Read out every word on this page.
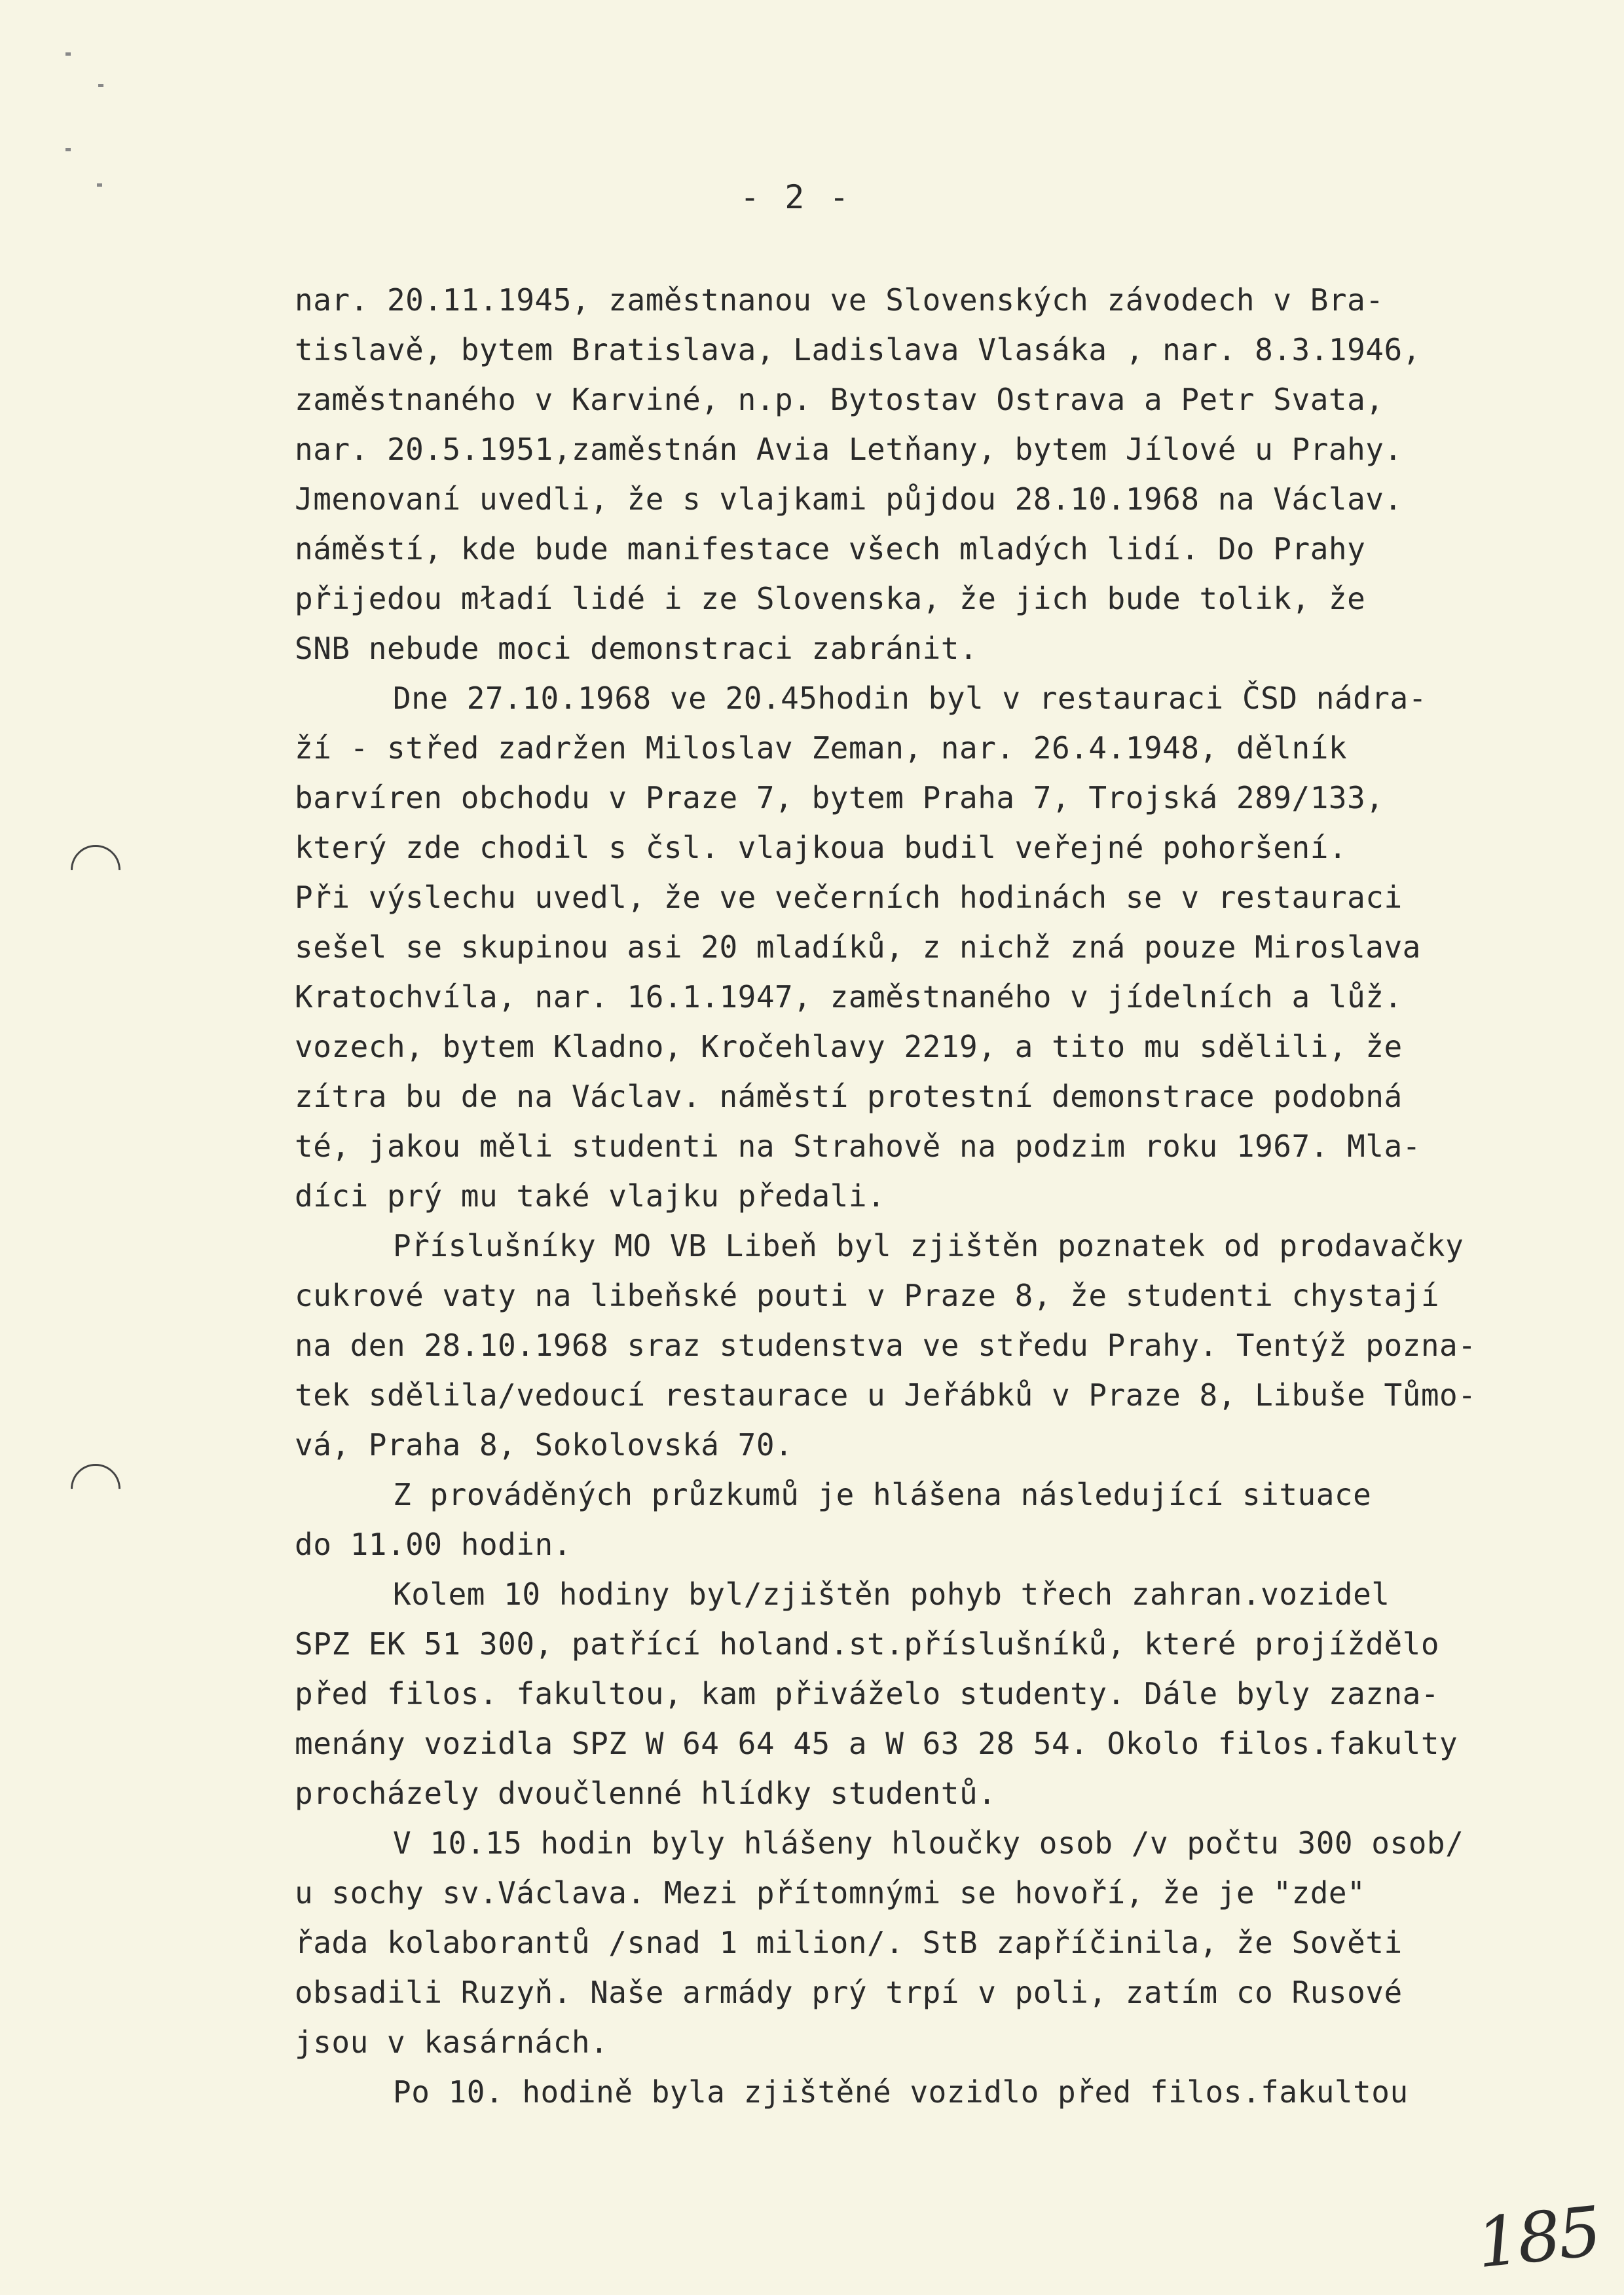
- 2 -
nar. 20.11.1945, zaměstnanou ve Slovenských závodech v Bra-
tislavě, bytem Bratislava, Ladislava Vlasáka , nar. 8.3.1946,
zaměstnaného v Karviné, n.p. Bytostav Ostrava a Petr Svata,
nar. 20.5.1951,zaměstnán Avia Letňany, bytem Jílové u Prahy.
Jmenovaní uvedli, že s vlajkami půjdou 28.10.1968 na Václav.
náměstí, kde bude manifestace všech mladých lidí. Do Prahy
přijedou mładí lidé i ze Slovenska, že jich bude tolik, že
SNB nebude moci demonstraci zabránit.
Dne 27.10.1968 ve 20.45hodin byl v restauraci ČSD nádra-
ží - střed zadržen Miloslav Zeman, nar. 26.4.1948, dělník
barvíren obchodu v Praze 7, bytem Praha 7, Trojská 289/133,
který zde chodil s čsl. vlajkoua budil veřejné pohoršení.
Při výslechu uvedl, že ve večerních hodinách se v restauraci
sešel se skupinou asi 20 mladíků, z nichž zná pouze Miroslava
Kratochvíla, nar. 16.1.1947, zaměstnaného v jídelních a lůž.
vozech, bytem Kladno, Kročehlavy 2219, a tito mu sdělili, že
zítra bu de na Václav. náměstí protestní demonstrace podobná
té, jakou měli studenti na Strahově na podzim roku 1967. Mla-
díci prý mu také vlajku předali.
Příslušníky MO VB Libeň byl zjištěn poznatek od prodavačky
cukrové vaty na libeňské pouti v Praze 8, že studenti chystají
na den 28.10.1968 sraz studenstva ve středu Prahy. Tentýž pozna-
tek sdělila/vedoucí restaurace u Jeřábků v Praze 8, Libuše Tůmo-
vá, Praha 8, Sokolovská 70.
Z prováděných průzkumů je hlášena následující situace
do 11.00 hodin.
Kolem 10 hodiny byl/zjištěn pohyb třech zahran.vozidel
SPZ EK 51 300, patřící holand.st.příslušníků, které projíždělo
před filos. fakultou, kam přiváželo studenty. Dále byly zazna-
menány vozidla SPZ W 64 64 45 a W 63 28 54. Okolo filos.fakulty
procházely dvoučlenné hlídky studentů.
V 10.15 hodin byly hlášeny hloučky osob /v počtu 300 osob/
u sochy sv.Václava. Mezi přítomnými se hovoří, že je "zde"
řada kolaborantů /snad 1 milion/. StB zapříčinila, že Sověti
obsadili Ruzyň. Naše armády prý trpí v poli, zatím co Rusové
jsou v kasárnách.
Po 10. hodině byla zjištěné vozidlo před filos.fakultou
185
